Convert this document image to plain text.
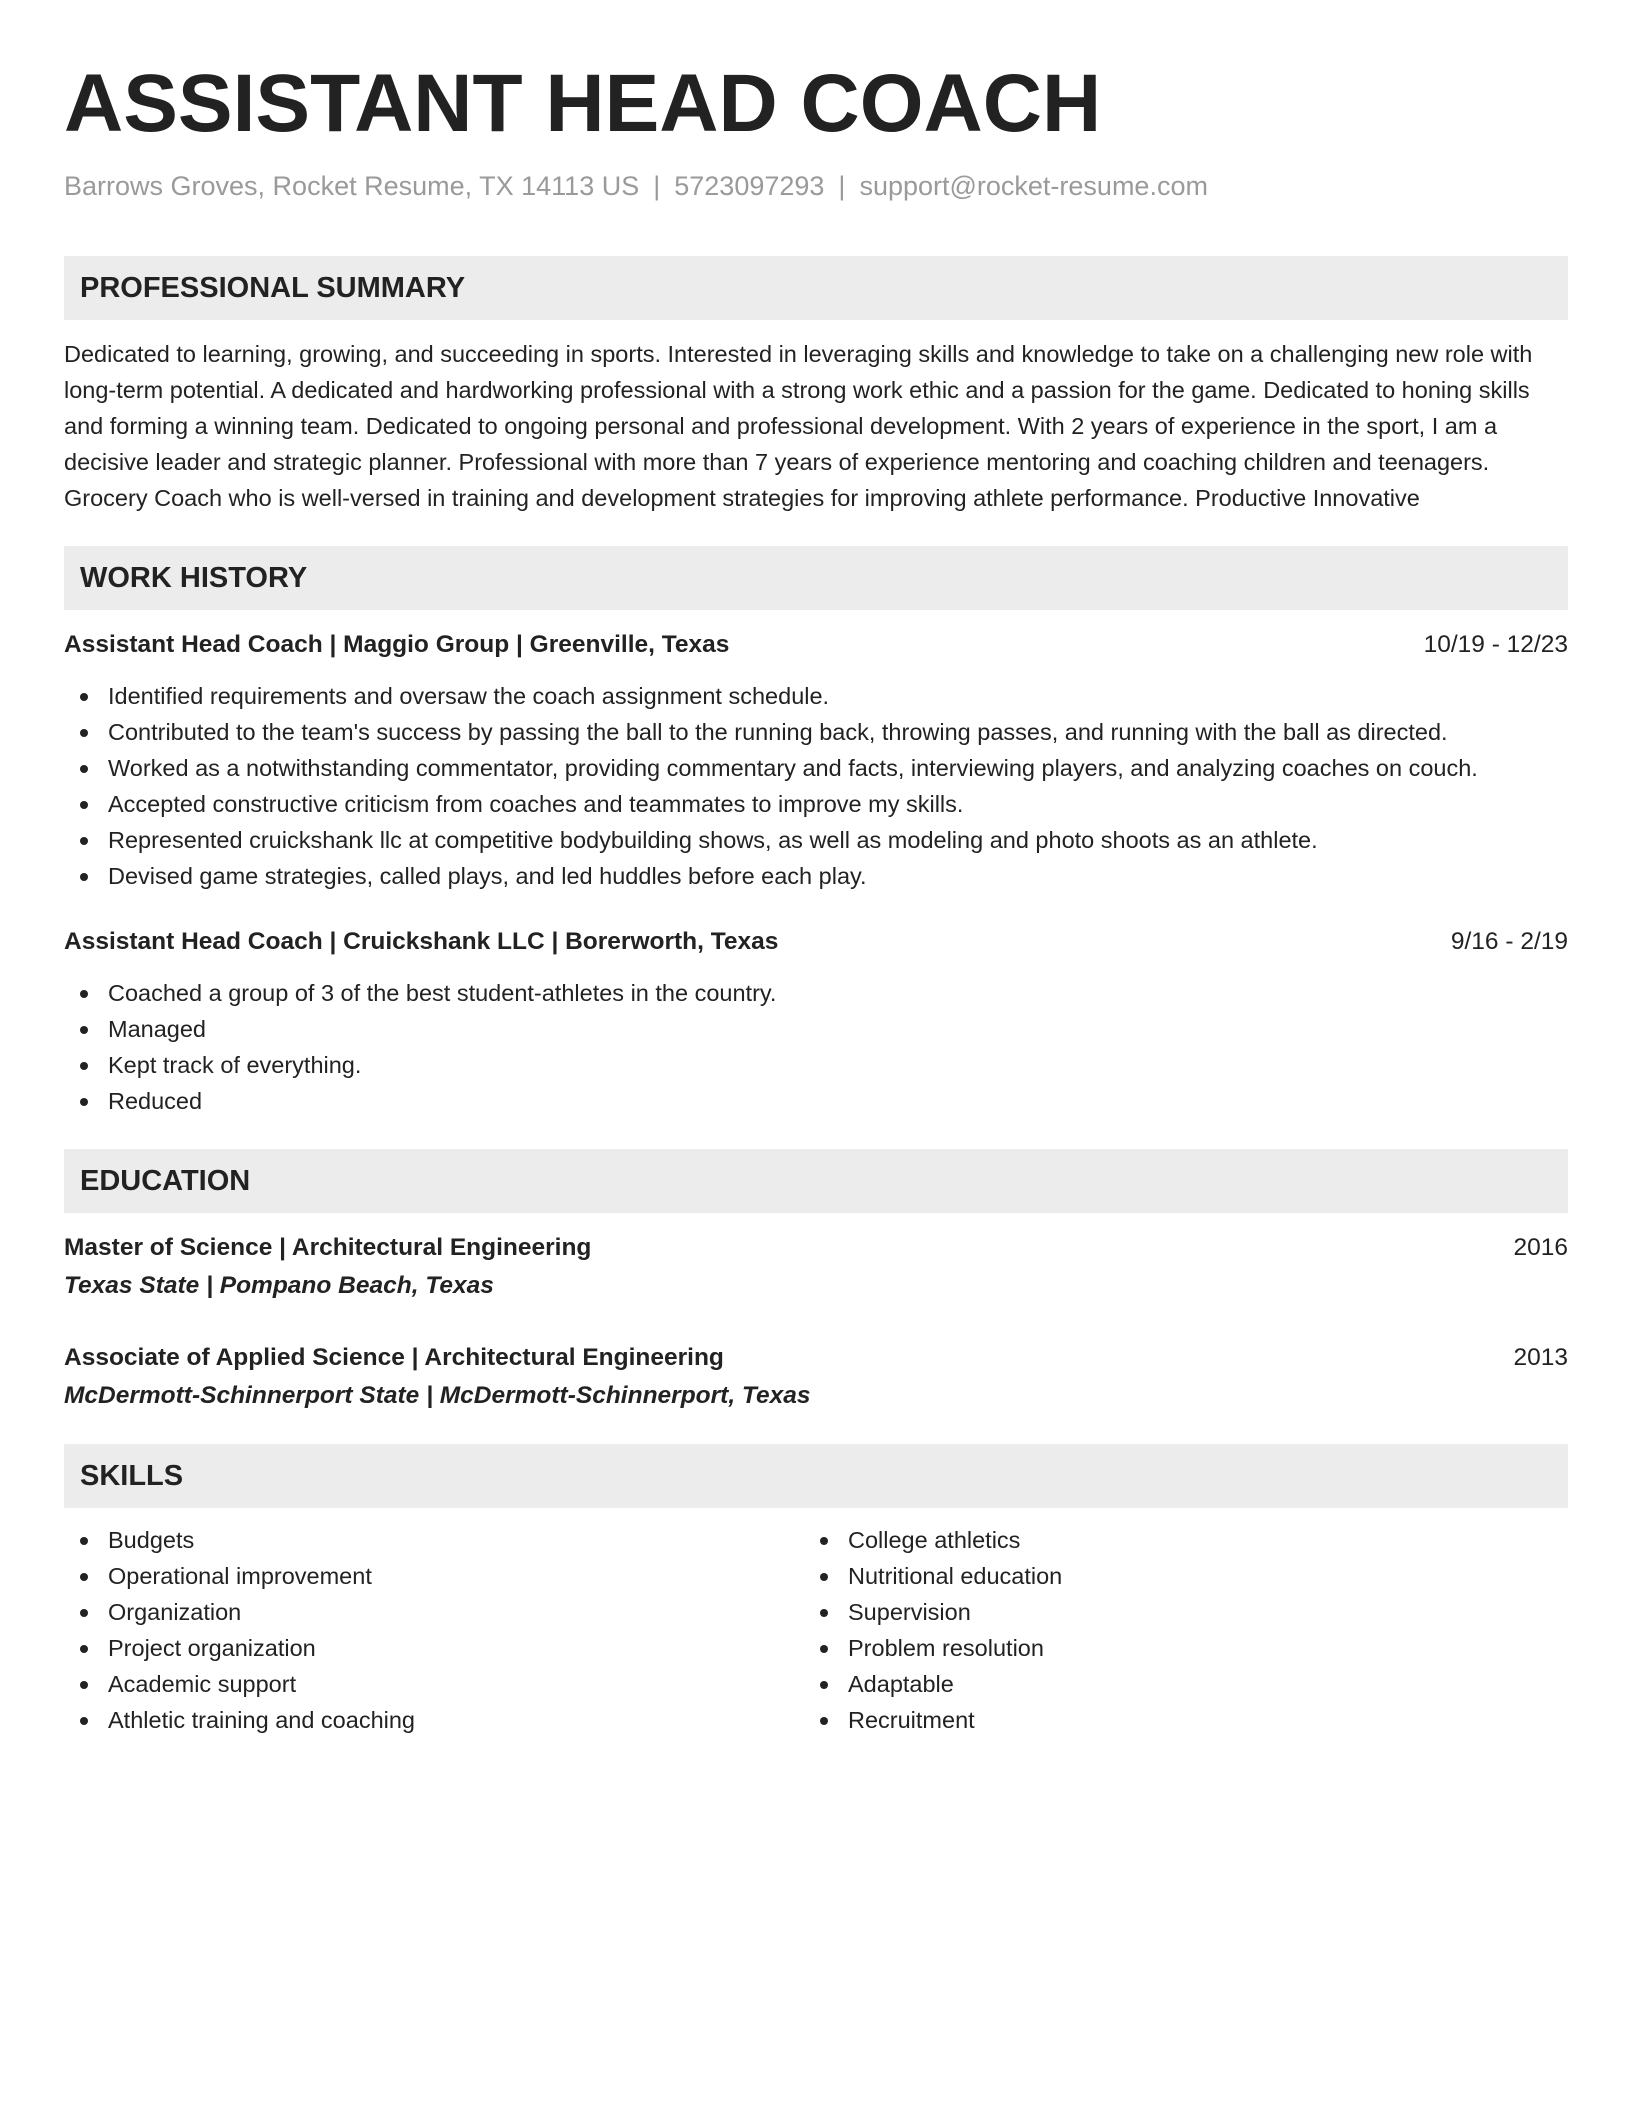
ASSISTANT HEAD COACH
Barrows Groves, Rocket Resume, TX 14113 US | 5723097293 | support@rocket-resume.com
PROFESSIONAL SUMMARY
Dedicated to learning, growing, and succeeding in sports. Interested in leveraging skills and knowledge to take on a challenging new role with long-term potential. A dedicated and hardworking professional with a strong work ethic and a passion for the game. Dedicated to honing skills and forming a winning team. Dedicated to ongoing personal and professional development. With 2 years of experience in the sport, I am a decisive leader and strategic planner. Professional with more than 7 years of experience mentoring and coaching children and teenagers. Grocery Coach who is well-versed in training and development strategies for improving athlete performance. Productive Innovative
WORK HISTORY
Assistant Head Coach | Maggio Group | Greenville, Texas	10/19 - 12/23
Identified requirements and oversaw the coach assignment schedule.
Contributed to the team's success by passing the ball to the running back, throwing passes, and running with the ball as directed.
Worked as a notwithstanding commentator, providing commentary and facts, interviewing players, and analyzing coaches on couch.
Accepted constructive criticism from coaches and teammates to improve my skills.
Represented cruickshank llc at competitive bodybuilding shows, as well as modeling and photo shoots as an athlete.
Devised game strategies, called plays, and led huddles before each play.
Assistant Head Coach | Cruickshank LLC | Borerworth, Texas	9/16 - 2/19
Coached a group of 3 of the best student-athletes in the country.
Managed
Kept track of everything.
Reduced
EDUCATION
Master of Science | Architectural Engineering	2016
Texas State | Pompano Beach, Texas
Associate of Applied Science | Architectural Engineering	2013
McDermott-Schinnerport State | McDermott-Schinnerport, Texas
SKILLS
Budgets
Operational improvement
Organization
Project organization
Academic support
Athletic training and coaching
College athletics
Nutritional education
Supervision
Problem resolution
Adaptable
Recruitment
